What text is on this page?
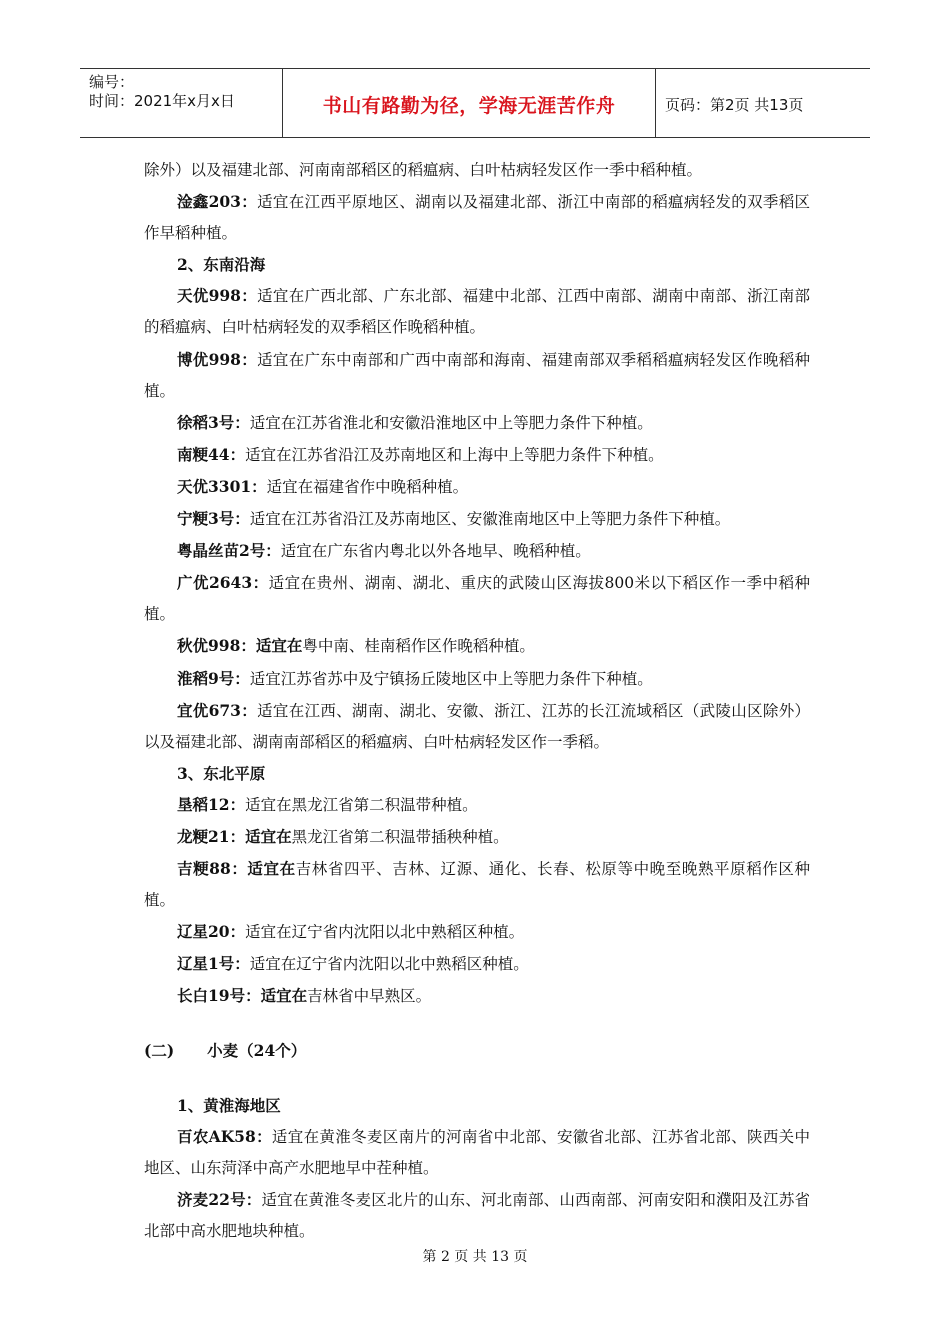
编号：
时间：2021年x月x日	书山有路勤为径，学海无涯苦作舟	页码：第2页 共13页

除外）以及福建北部、河南南部稻区的稻瘟病、白叶枯病轻发区作一季中稻种植。

淦鑫203：适宜在江西平原地区、湖南以及福建北部、浙江中南部的稻瘟病轻发的双季稻区作早稻种植。

2、东南沿海

天优998：适宜在广西北部、广东北部、福建中北部、江西中南部、湖南中南部、浙江南部的稻瘟病、白叶枯病轻发的双季稻区作晚稻种植。

博优998：适宜在广东中南部和广西中南部和海南、福建南部双季稻稻瘟病轻发区作晚稻种植。

徐稻3号：适宜在江苏省淮北和安徽沿淮地区中上等肥力条件下种植。

南粳44：适宜在江苏省沿江及苏南地区和上海中上等肥力条件下种植。

天优3301：适宜在福建省作中晚稻种植。

宁粳3号：适宜在江苏省沿江及苏南地区、安徽淮南地区中上等肥力条件下种植。

粤晶丝苗2号：适宜在广东省内粤北以外各地早、晚稻种植。

广优2643：适宜在贵州、湖南、湖北、重庆的武陵山区海拔800米以下稻区作一季中稻种植。

秋优998：适宜在粤中南、桂南稻作区作晚稻种植。

淮稻9号：适宜江苏省苏中及宁镇扬丘陵地区中上等肥力条件下种植。

宜优673：适宜在江西、湖南、湖北、安徽、浙江、江苏的长江流域稻区（武陵山区除外）以及福建北部、湖南南部稻区的稻瘟病、白叶枯病轻发区作一季稻。

3、东北平原

垦稻12：适宜在黑龙江省第二积温带种植。

龙粳21：适宜在黑龙江省第二积温带插秧种植。

吉粳88：适宜在吉林省四平、吉林、辽源、通化、长春、松原等中晚至晚熟平原稻作区种植。

辽星20：适宜在辽宁省内沈阳以北中熟稻区种植。

辽星1号：适宜在辽宁省内沈阳以北中熟稻区种植。

长白19号：适宜在吉林省中早熟区。

(二) 小麦（24个）
1、黄淮海地区

百农AK58：适宜在黄淮冬麦区南片的河南省中北部、安徽省北部、江苏省北部、陕西关中地区、山东菏泽中高产水肥地早中茬种植。

济麦22号：适宜在黄淮冬麦区北片的山东、河北南部、山西南部、河南安阳和濮阳及江苏省北部中高水肥地块种植。

第 2 页 共 13 页
